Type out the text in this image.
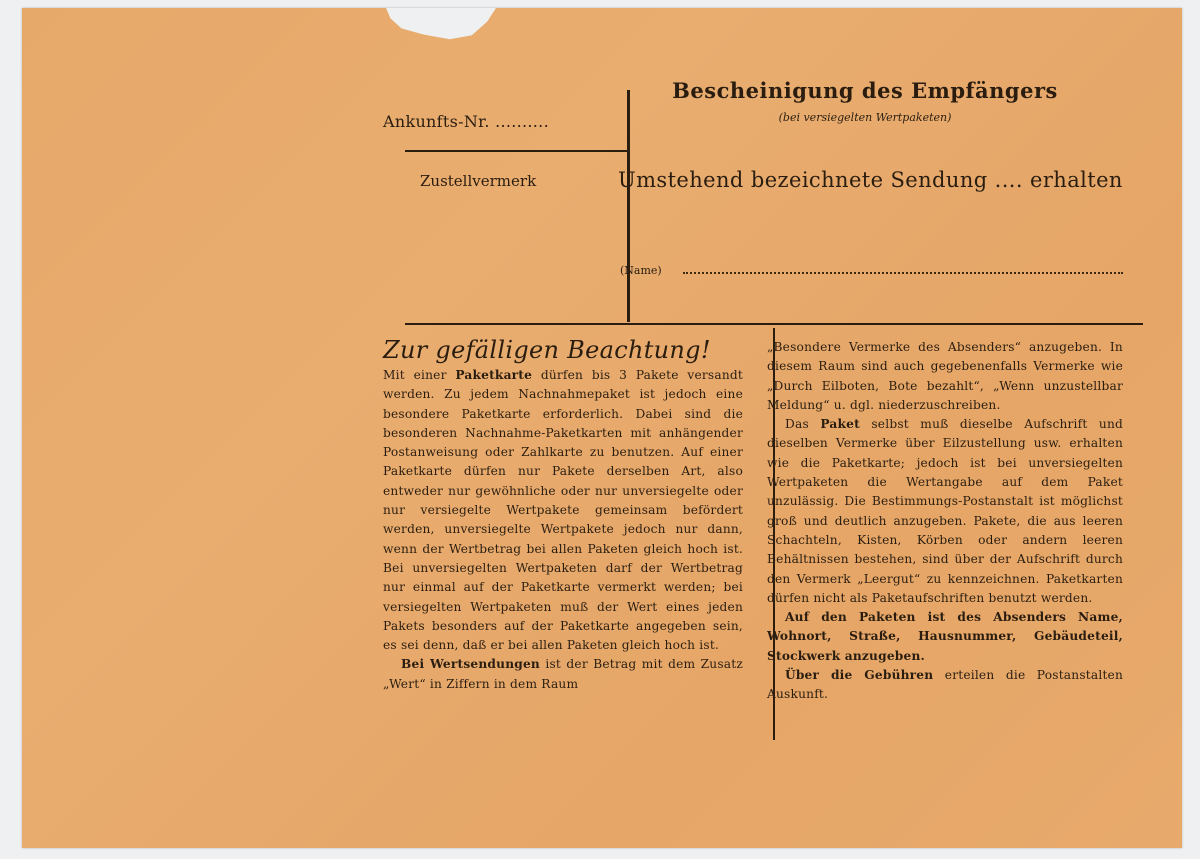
Ankunfts-Nr. ..........
Zustellvermerk
Bescheinigung des Empfängers
(bei versiegelten Wertpaketen)
Umstehend bezeichnete Sendung .... erhalten
(Name)
Zur gefälligen Beachtung!

Mit einer Paketkarte dürfen bis 3 Pakete versandt werden. Zu jedem Nachnahmepaket ist jedoch eine besondere Paketkarte erforderlich. Dabei sind die besonderen Nachnahme-Paketkarten mit anhängender Postanweisung oder Zahlkarte zu benutzen. Auf einer Paketkarte dürfen nur Pakete derselben Art, also entweder nur gewöhnliche oder nur unversiegelte oder nur versiegelte Wertpakete gemeinsam befördert werden, unversiegelte Wertpakete jedoch nur dann, wenn der Wertbetrag bei allen Paketen gleich hoch ist. Bei unversiegelten Wertpaketen darf der Wertbetrag nur einmal auf der Paketkarte vermerkt werden; bei versiegelten Wertpaketen muß der Wert eines jeden Pakets besonders auf der Paketkarte angegeben sein, es sei denn, daß er bei allen Paketen gleich hoch ist.

Bei Wertsendungen ist der Betrag mit dem Zusatz „Wert“ in Ziffern in dem Raum

„Besondere Vermerke des Absenders“ anzugeben. In diesem Raum sind auch gegebenenfalls Vermerke wie „Durch Eilboten, Bote bezahlt“, „Wenn unzustellbar Meldung“ u. dgl. niederzuschreiben.

Das Paket selbst muß dieselbe Aufschrift und dieselben Vermerke über Eilzustellung usw. erhalten wie die Paketkarte; jedoch ist bei unversiegelten Wertpaketen die Wertangabe auf dem Paket unzulässig. Die Bestimmungs-Postanstalt ist möglichst groß und deutlich anzugeben. Pakete, die aus leeren Schachteln, Kisten, Körben oder andern leeren Behältnissen bestehen, sind über der Aufschrift durch den Vermerk „Leergut“ zu kennzeichnen. Paketkarten dürfen nicht als Paketaufschriften benutzt werden.

Auf den Paketen ist des Absenders Name, Wohnort, Straße, Hausnummer, Gebäudeteil, Stockwerk anzugeben.

Über die Gebühren erteilen die Postanstalten Auskunft.
